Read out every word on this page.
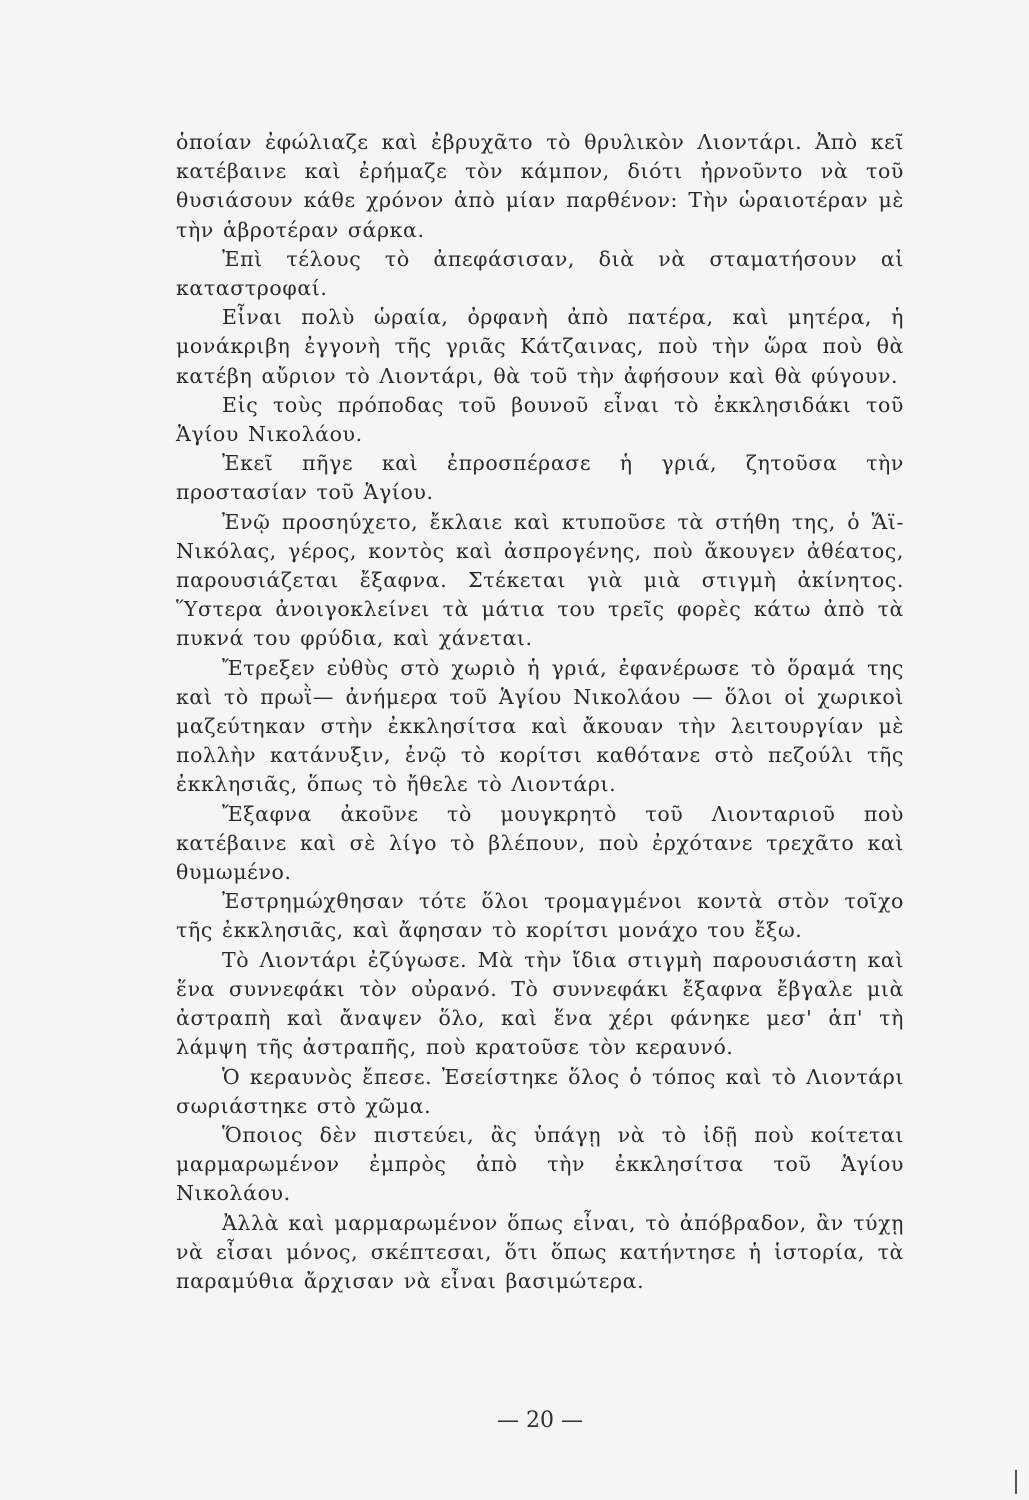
ὁποίαν ἐφώλιαζε καὶ ἐβρυχᾶτο τὸ θρυλικὸν Λιοντάρι. Ἀπὸ κεῖ κατέβαινε καὶ ἐρήμαζε τὸν κάμπον, διότι ἠρνοῦντο νὰ τοῦ θυσιάσουν κάθε χρόνον ἀπὸ μίαν παρθένον: Τὴν ὡραιοτέραν μὲ τὴν ἁβροτέραν σάρκα.

Ἐπὶ τέλους τὸ ἀπεφάσισαν, διὰ νὰ σταματήσουν αἱ καταστροφαί.

Εἶναι πολὺ ὡραία, ὀρφανὴ ἀπὸ πατέρα, καὶ μητέρα, ἡ μονάκριβη ἐγγονὴ τῆς γριᾶς Κάτζαινας, ποὺ τὴν ὥρα ποὺ θὰ κατέβη αὔριον τὸ Λιοντάρι, θὰ τοῦ τὴν ἀφήσουν καὶ θὰ φύγουν.

Εἰς τοὺς πρόποδας τοῦ βουνοῦ εἶναι τὸ ἐκκλησιδάκι τοῦ Ἁγίου Νικολάου.

Ἐκεῖ πῆγε καὶ ἐπροσπέρασε ἡ γριά, ζητοῦσα τὴν προστασίαν τοῦ Ἁγίου.

Ἐνῷ προσηύχετο, ἔκλαιε καὶ κτυποῦσε τὰ στήθη της, ὁ Ἅϊ-Νικόλας, γέρος, κοντὸς καὶ ἀσπρογένης, ποὺ ἄκουγεν ἀθέατος, παρουσιάζεται ἔξαφνα. Στέκεται γιὰ μιὰ στιγμὴ ἀκίνητος. Ὕστερα ἀνοιγοκλείνει τὰ μάτια του τρεῖς φορὲς κάτω ἀπὸ τὰ πυκνά του φρύδια, καὶ χάνεται.

Ἔτρεξεν εὐθὺς στὸ χωριὸ ἡ γριά, ἐφανέρωσε τὸ ὅραμά της καὶ τὸ πρωῒ— ἀνήμερα τοῦ Ἁγίου Νικολάου — ὅλοι οἱ χωρικοὶ μαζεύτηκαν στὴν ἐκκλησίτσα καὶ ἄκουαν τὴν λειτουργίαν μὲ πολλὴν κατάνυξιν, ἐνῷ τὸ κορίτσι καθότανε στὸ πεζούλι τῆς ἐκκλησιᾶς, ὅπως τὸ ἤθελε τὸ Λιοντάρι.

Ἔξαφνα ἀκοῦνε τὸ μουγκρητὸ τοῦ Λιονταριοῦ ποὺ κατέβαινε καὶ σὲ λίγο τὸ βλέπουν, ποὺ ἐρχότανε τρεχᾶτο καὶ θυμωμένο.

Ἐστρημώχθησαν τότε ὅλοι τρομαγμένοι κοντὰ στὸν τοῖχο τῆς ἐκκλησιᾶς, καὶ ἄφησαν τὸ κορίτσι μονάχο του ἔξω.

Τὸ Λιοντάρι ἐζύγωσε. Μὰ τὴν ἴδια στιγμὴ παρουσιάστη καὶ ἕνα συννεφάκι τὸν οὐρανό. Τὸ συννεφάκι ἔξαφνα ἔβγαλε μιὰ ἀστραπὴ καὶ ἄναψεν ὅλο, καὶ ἕνα χέρι φάνηκε μεσ' ἀπ' τὴ λάμψη τῆς ἀστραπῆς, ποὺ κρατοῦσε τὸν κεραυνό.

Ὁ κεραυνὸς ἔπεσε. Ἐσείστηκε ὅλος ὁ τόπος καὶ τὸ Λιοντάρι σωριάστηκε στὸ χῶμα.

Ὅποιος δὲν πιστεύει, ἂς ὑπάγῃ νὰ τὸ ἰδῇ ποὺ κοίτεται μαρμαρωμένον ἐμπρὸς ἀπὸ τὴν ἐκκλησίτσα τοῦ Ἁγίου Νικολάου.

Ἀλλὰ καὶ μαρμαρωμένον ὅπως εἶναι, τὸ ἀπόβραδον, ἂν τύχῃ νὰ εἶσαι μόνος, σκέπτεσαι, ὅτι ὅπως κατήντησε ἡ ἱστορία, τὰ παραμύθια ἄρχισαν νὰ εἶναι βασιμώτερα.

— 20 —
